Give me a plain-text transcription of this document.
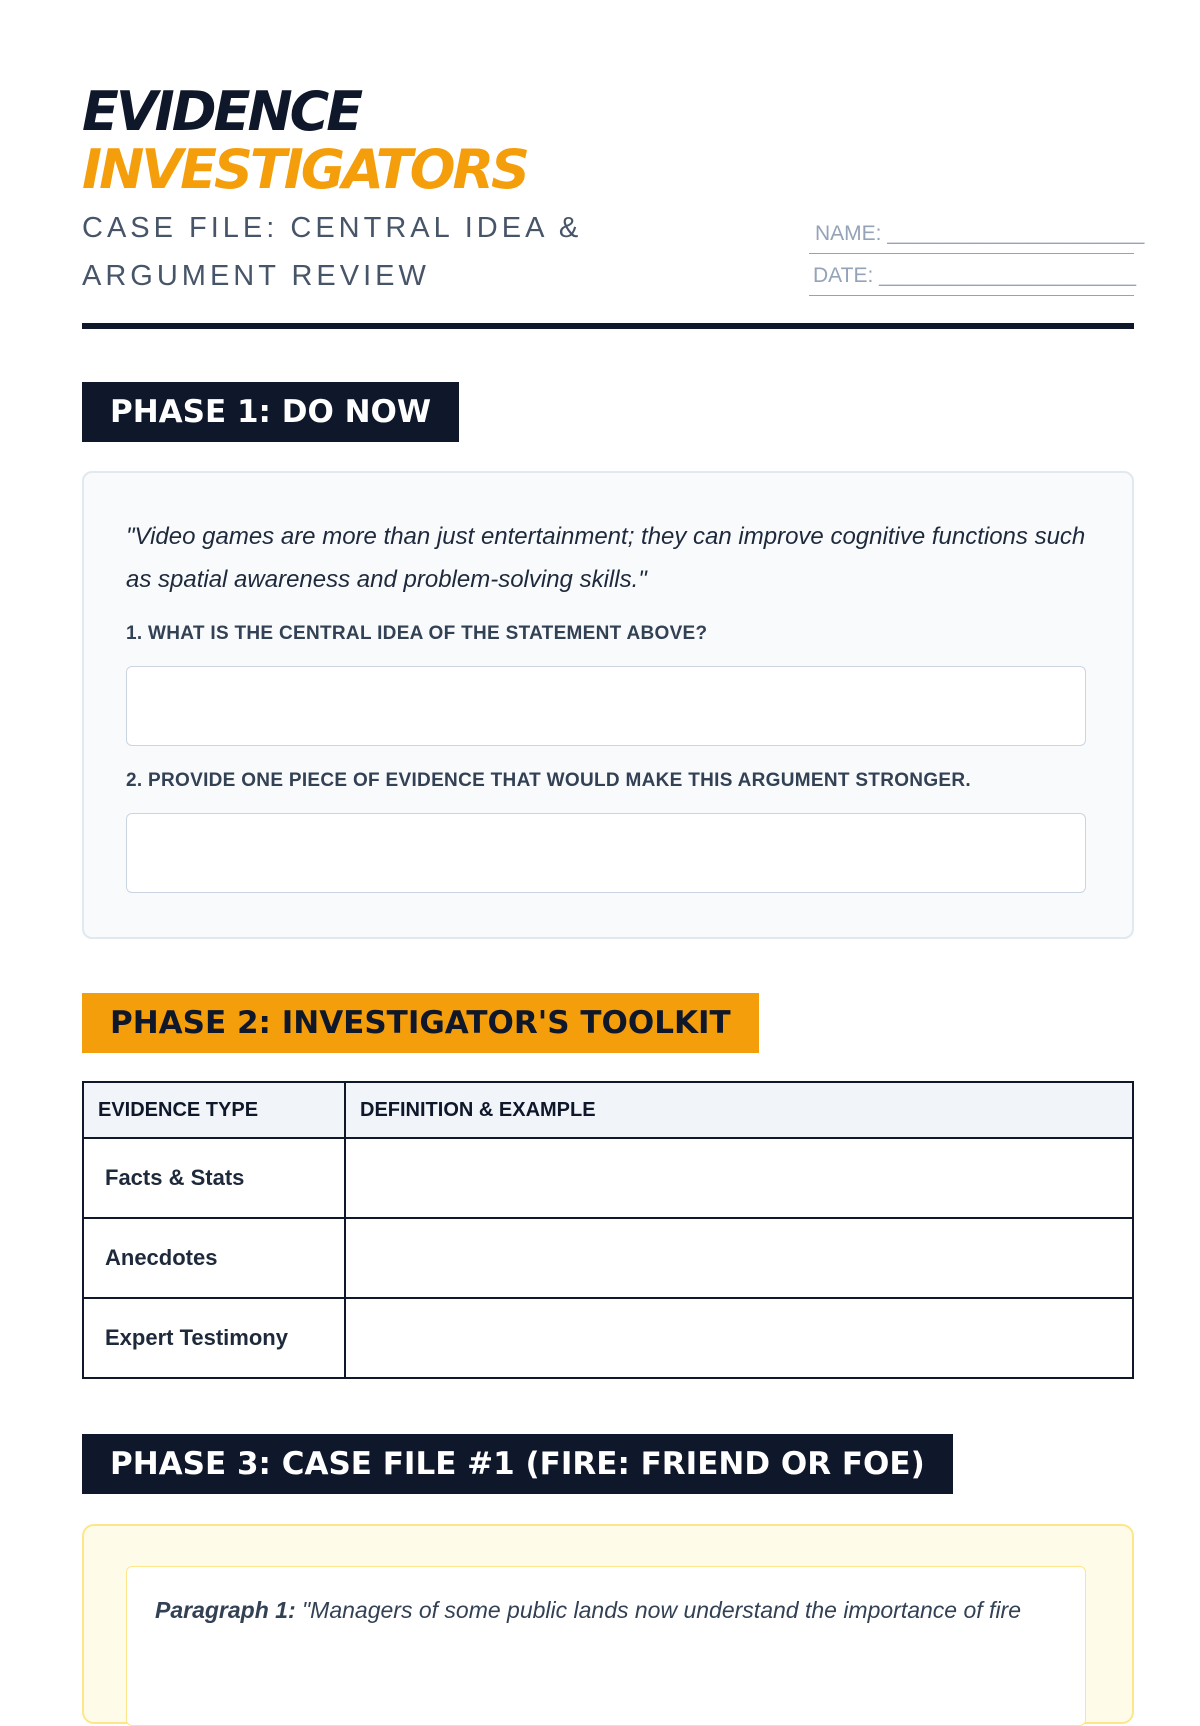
EVIDENCE
INVESTIGATORS
CASE FILE: CENTRAL IDEA & ARGUMENT REVIEW
NAME: ______________________
DATE: ______________________
PHASE 1: DO NOW
"Video games are more than just entertainment; they can improve cognitive functions such as spatial awareness and problem-solving skills."
1. WHAT IS THE CENTRAL IDEA OF THE STATEMENT ABOVE?
2. PROVIDE ONE PIECE OF EVIDENCE THAT WOULD MAKE THIS ARGUMENT STRONGER.
PHASE 2: INVESTIGATOR'S TOOLKIT
EVIDENCE TYPE	DEFINITION & EXAMPLE
Facts & Stats	
Anecdotes	
Expert Testimony	
PHASE 3: CASE FILE #1 (FIRE: FRIEND OR FOE)
Paragraph 1: "Managers of some public lands now understand the importance of fire
